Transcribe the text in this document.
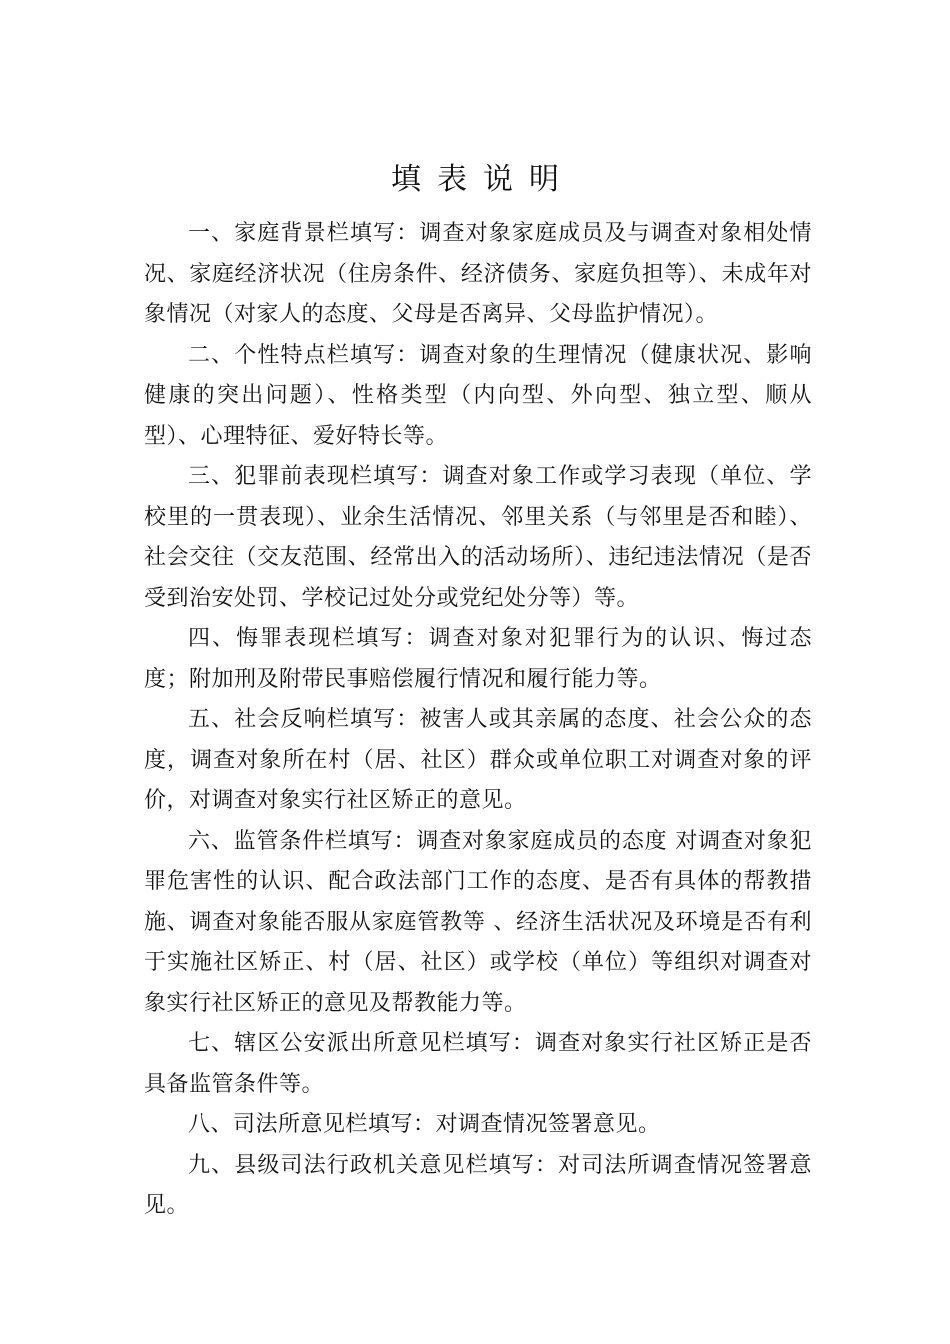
填表说明

一、家庭背景栏填写：调查对象家庭成员及与调查对象相处情况、家庭经济状况（住房条件、经济债务、家庭负担等）、未成年对象情况（对家人的态度、父母是否离异、父母监护情况）。

二、个性特点栏填写：调查对象的生理情况（健康状况、影响健康的突出问题）、性格类型（内向型、外向型、独立型、顺从型）、心理特征、爱好特长等。

三、犯罪前表现栏填写：调查对象工作或学习表现（单位、学校里的一贯表现）、业余生活情况、邻里关系（与邻里是否和睦）、社会交往（交友范围、经常出入的活动场所）、违纪违法情况（是否受到治安处罚、学校记过处分或党纪处分等）等。

四、悔罪表现栏填写：调查对象对犯罪行为的认识、悔过态度；附加刑及附带民事赔偿履行情况和履行能力等。

五、社会反响栏填写：被害人或其亲属的态度、社会公众的态度，调查对象所在村（居、社区）群众或单位职工对调查对象的评价，对调查对象实行社区矫正的意见。

六、监管条件栏填写：调查对象家庭成员的态度 对调查对象犯罪危害性的认识、配合政法部门工作的态度、是否有具体的帮教措施、调查对象能否服从家庭管教等 、经济生活状况及环境是否有利于实施社区矫正、村（居、社区）或学校（单位）等组织对调查对象实行社区矫正的意见及帮教能力等。

七、辖区公安派出所意见栏填写：调查对象实行社区矫正是否具备监管条件等。

八、司法所意见栏填写：对调查情况签署意见。

九、县级司法行政机关意见栏填写：对司法所调查情况签署意见。
